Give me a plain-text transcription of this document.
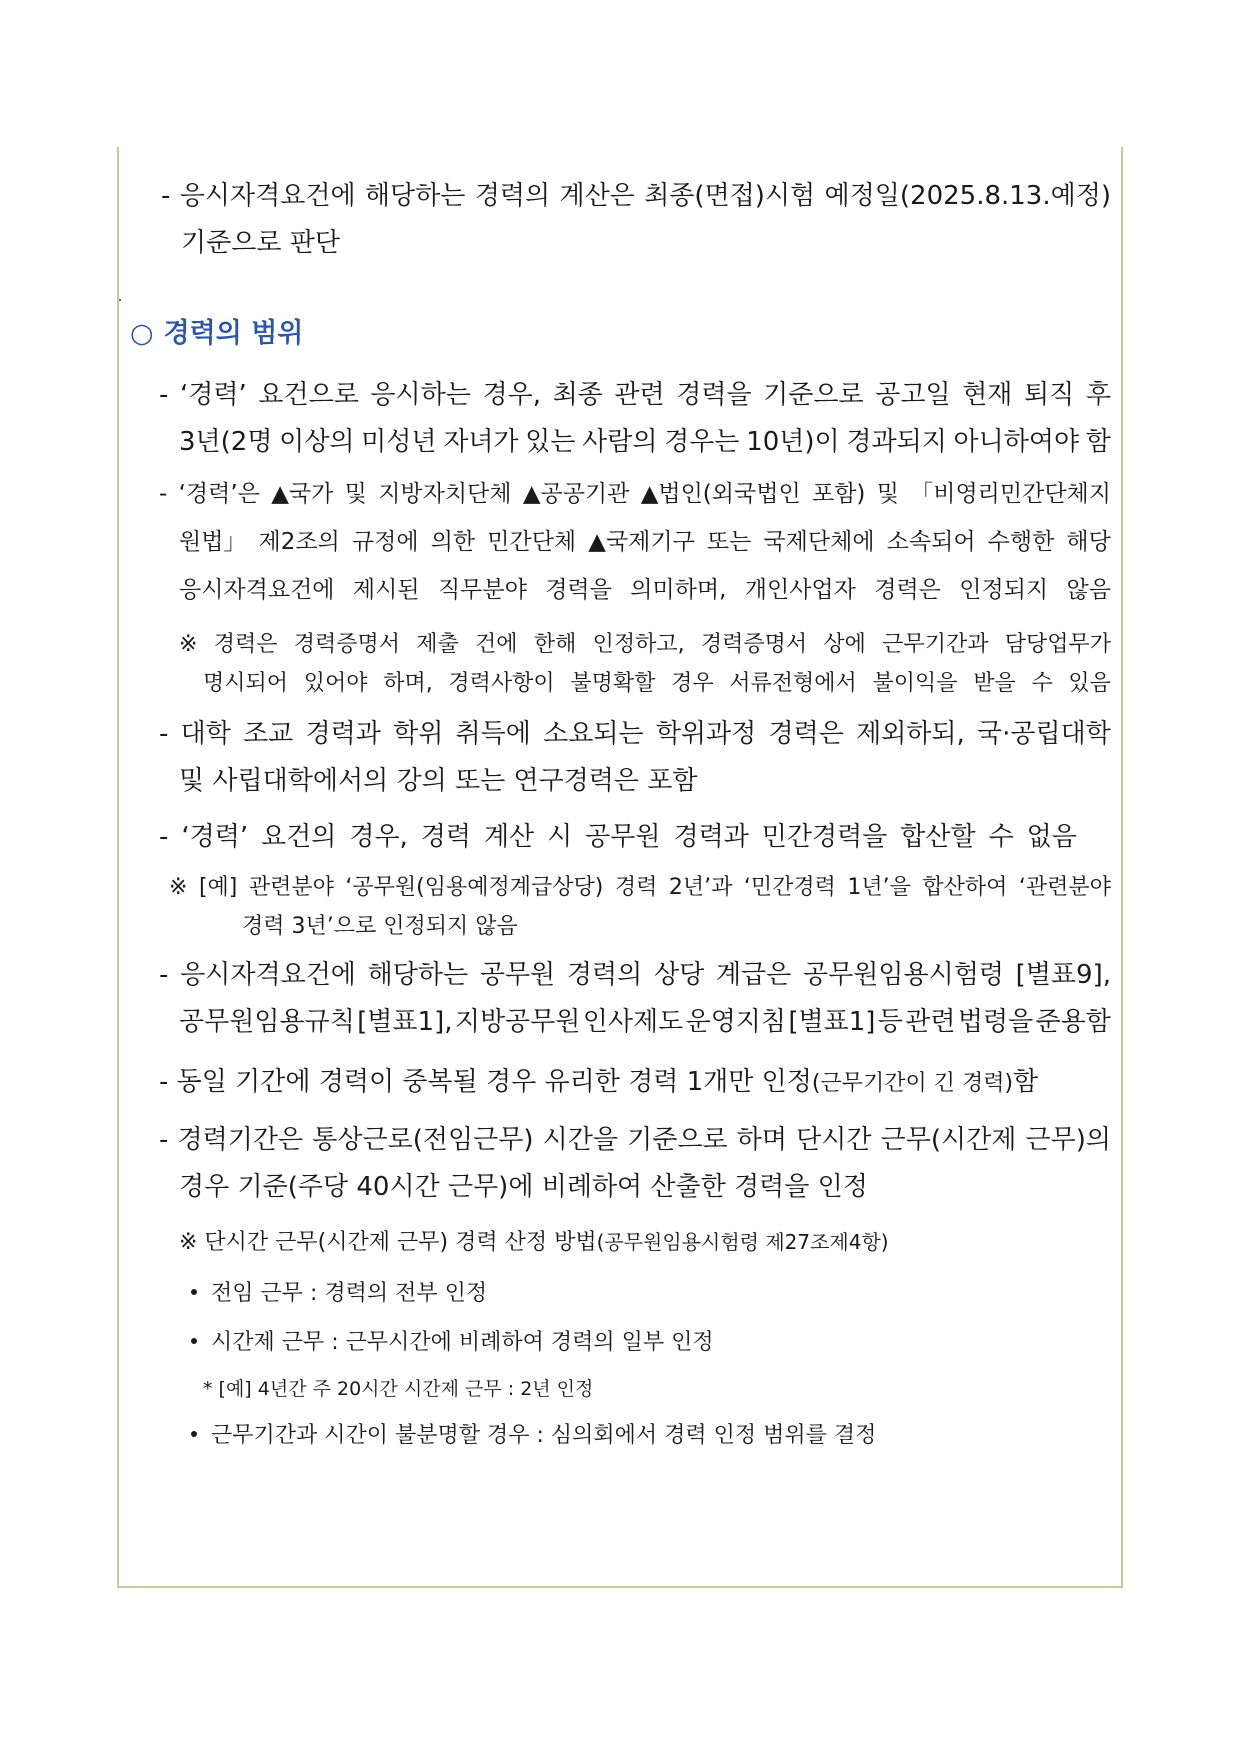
- 응시자격요건에 해당하는 경력의 계산은 최종(면접)시험 예정일(2025.8.13.예정)
기준으로 판단
○ 경력의 범위
- ‘경력’ 요건으로 응시하는 경우, 최종 관련 경력을 기준으로 공고일 현재 퇴직 후
3년(2명 이상의 미성년 자녀가 있는 사람의 경우는 10년)이 경과되지 아니하여야 함
- ‘경력’은 ▲국가 및 지방자치단체 ▲공공기관 ▲법인(외국법인 포함) 및 「비영리민간단체지
원법」 제2조의 규정에 의한 민간단체 ▲국제기구 또는 국제단체에 소속되어 수행한 해당
응시자격요건에 제시된 직무분야 경력을 의미하며, 개인사업자 경력은 인정되지 않음
※ 경력은 경력증명서 제출 건에 한해 인정하고, 경력증명서 상에 근무기간과 담당업무가
명시되어 있어야 하며, 경력사항이 불명확할 경우 서류전형에서 불이익을 받을 수 있음
- 대학 조교 경력과 학위 취득에 소요되는 학위과정 경력은 제외하되, 국·공립대학
및 사립대학에서의 강의 또는 연구경력은 포함
- ‘경력’ 요건의 경우, 경력 계산 시 공무원 경력과 민간경력을 합산할 수 없음
※ [예] 관련분야 ‘공무원(임용예정계급상당) 경력 2년’과 ‘민간경력 1년’을 합산하여 ‘관련분야
경력 3년’으로 인정되지 않음
- 응시자격요건에 해당하는 공무원 경력의 상당 계급은 공무원임용시험령 [별표9],
공무원임용규칙 [별표1], 지방공무원 인사제도 운영지침 [별표1] 등 관련 법령을 준용함
- 동일 기간에 경력이 중복될 경우 유리한 경력 1개만 인정(근무기간이 긴 경력)함
- 경력기간은 통상근로(전임근무) 시간을 기준으로 하며 단시간 근무(시간제 근무)의
경우 기준(주당 40시간 근무)에 비례하여 산출한 경력을 인정
※ 단시간 근무(시간제 근무) 경력 산정 방법(공무원임용시험령 제27조제4항)
전임 근무 : 경력의 전부 인정
시간제 근무 : 근무시간에 비례하여 경력의 일부 인정
* [예] 4년간 주 20시간 시간제 근무 : 2년 인정
근무기간과 시간이 불분명할 경우 : 심의회에서 경력 인정 범위를 결정
